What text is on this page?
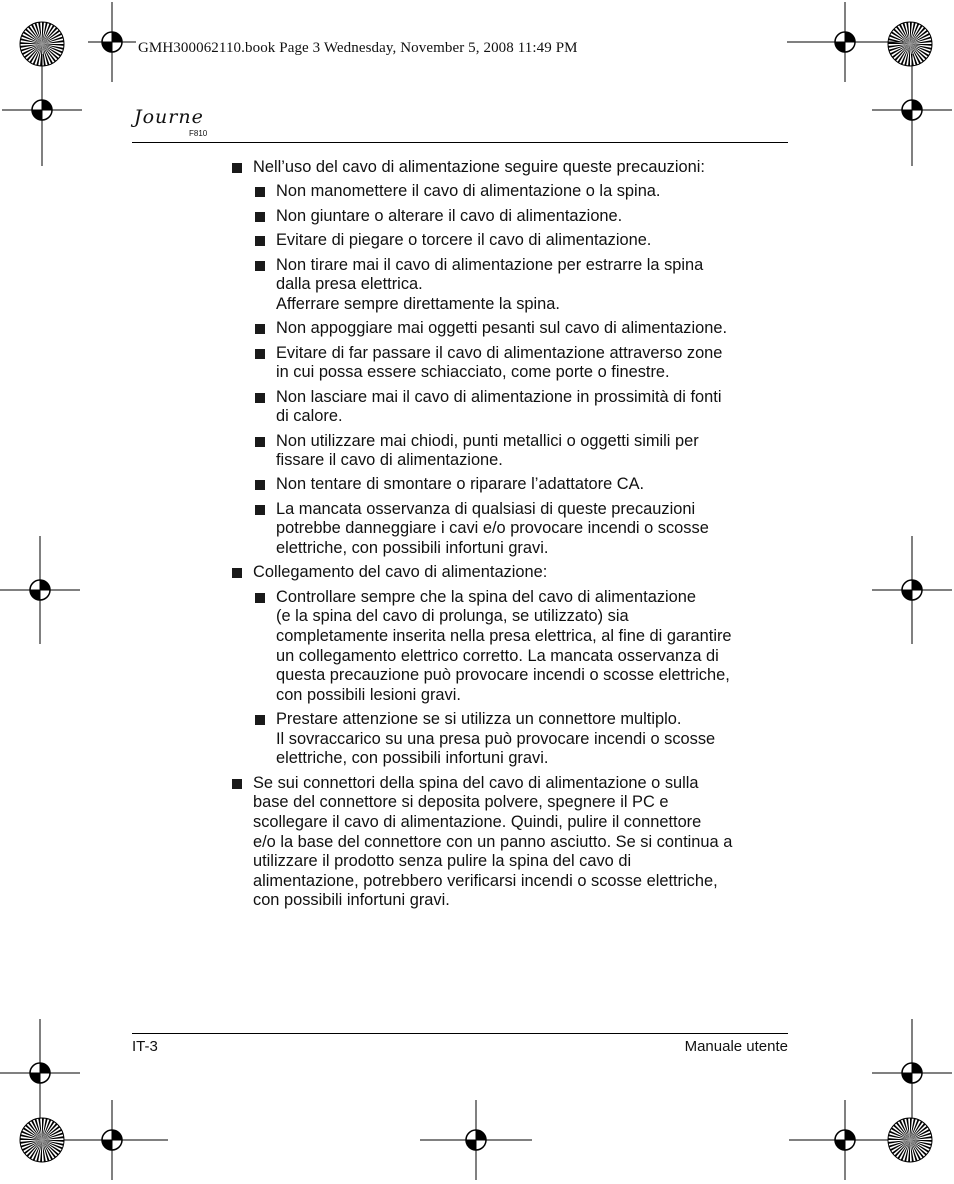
GMH300062110.book Page 3 Wednesday, November 5, 2008 11:49 PM
Journe
F810
Nell’uso del cavo di alimentazione seguire queste precauzioni:
Non manomettere il cavo di alimentazione o la spina.
Non giuntare o alterare il cavo di alimentazione.
Evitare di piegare o torcere il cavo di alimentazione.
Non tirare mai il cavo di alimentazione per estrarre la spina
dalla presa elettrica.
Afferrare sempre direttamente la spina.
Non appoggiare mai oggetti pesanti sul cavo di alimentazione.
Evitare di far passare il cavo di alimentazione attraverso zone
in cui possa essere schiacciato, come porte o finestre.
Non lasciare mai il cavo di alimentazione in prossimità di fonti
di calore.
Non utilizzare mai chiodi, punti metallici o oggetti simili per
fissare il cavo di alimentazione.
Non tentare di smontare o riparare l’adattatore CA.
La mancata osservanza di qualsiasi di queste precauzioni
potrebbe danneggiare i cavi e/o provocare incendi o scosse
elettriche, con possibili infortuni gravi.
Collegamento del cavo di alimentazione:
Controllare sempre che la spina del cavo di alimentazione
(e la spina del cavo di prolunga, se utilizzato) sia
completamente inserita nella presa elettrica, al fine di garantire
un collegamento elettrico corretto. La mancata osservanza di
questa precauzione può provocare incendi o scosse elettriche,
con possibili lesioni gravi.
Prestare attenzione se si utilizza un connettore multiplo.
Il sovraccarico su una presa può provocare incendi o scosse
elettriche, con possibili infortuni gravi.
Se sui connettori della spina del cavo di alimentazione o sulla
base del connettore si deposita polvere, spegnere il PC e
scollegare il cavo di alimentazione. Quindi, pulire il connettore
e/o la base del connettore con un panno asciutto. Se si continua a
utilizzare il prodotto senza pulire la spina del cavo di
alimentazione, potrebbero verificarsi incendi o scosse elettriche,
con possibili infortuni gravi.
IT-3	Manuale utente
